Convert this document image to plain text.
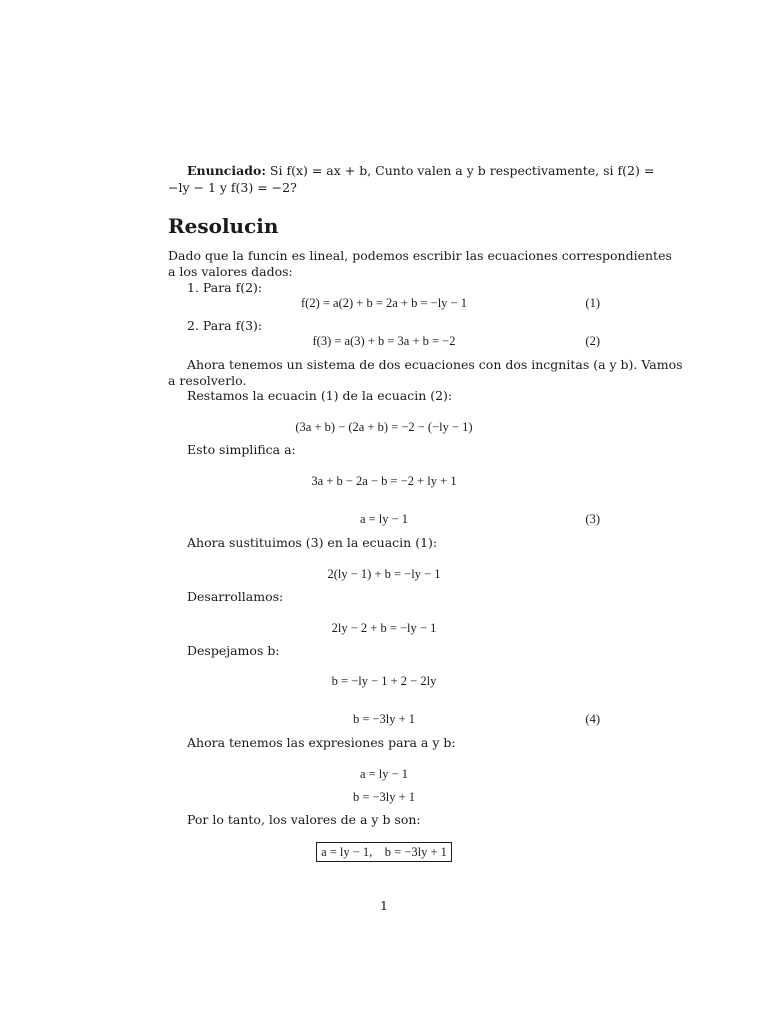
Enunciado: Si f(x) = ax + b, Cunto valen a y b respectivamente, si f(2) =
−ly − 1 y f(3) = −2?
Resolucin
Dado que la funcin es lineal, podemos escribir las ecuaciones correspondientes
a los valores dados:
1. Para f(2):
f(2) = a(2) + b = 2a + b = −ly − 1	(1)
2. Para f(3):
f(3) = a(3) + b = 3a + b = −2	(2)
Ahora tenemos un sistema de dos ecuaciones con dos incgnitas (a y b). Vamos
a resolverlo.
Restamos la ecuacin (1) de la ecuacin (2):
(3a + b) − (2a + b) = −2 − (−ly − 1)
Esto simplifica a:
3a + b − 2a − b = −2 + ly + 1
a = ly − 1	(3)
Ahora sustituimos (3) en la ecuacin (1):
2(ly − 1) + b = −ly − 1
Desarrollamos:
2ly − 2 + b = −ly − 1
Despejamos b:
b = −ly − 1 + 2 − 2ly
b = −3ly + 1	(4)
Ahora tenemos las expresiones para a y b:
a = ly − 1
b = −3ly + 1
Por lo tanto, los valores de a y b son:
a = ly − 1,    b = −3ly + 1
1
